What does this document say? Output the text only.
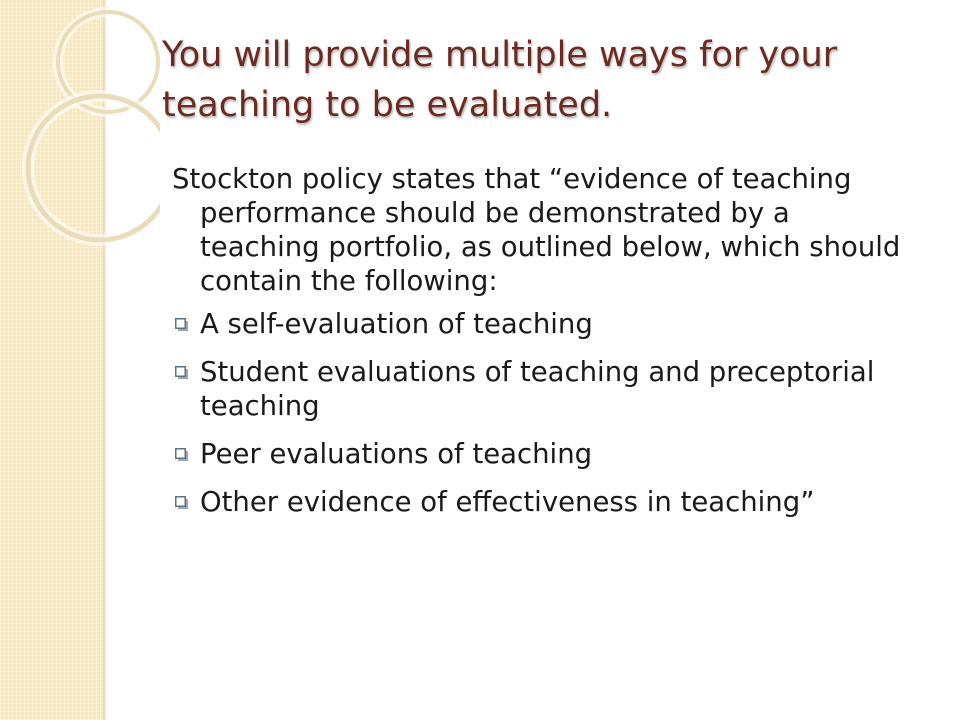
You will provide multiple ways for your teaching to be evaluated.

Stockton policy states that “evidence of teaching performance should be demonstrated by a teaching portfolio, as outlined below, which should contain the following:

A self-evaluation of teaching
Student evaluations of teaching and preceptorial teaching
Peer evaluations of teaching
Other evidence of effectiveness in teaching”
